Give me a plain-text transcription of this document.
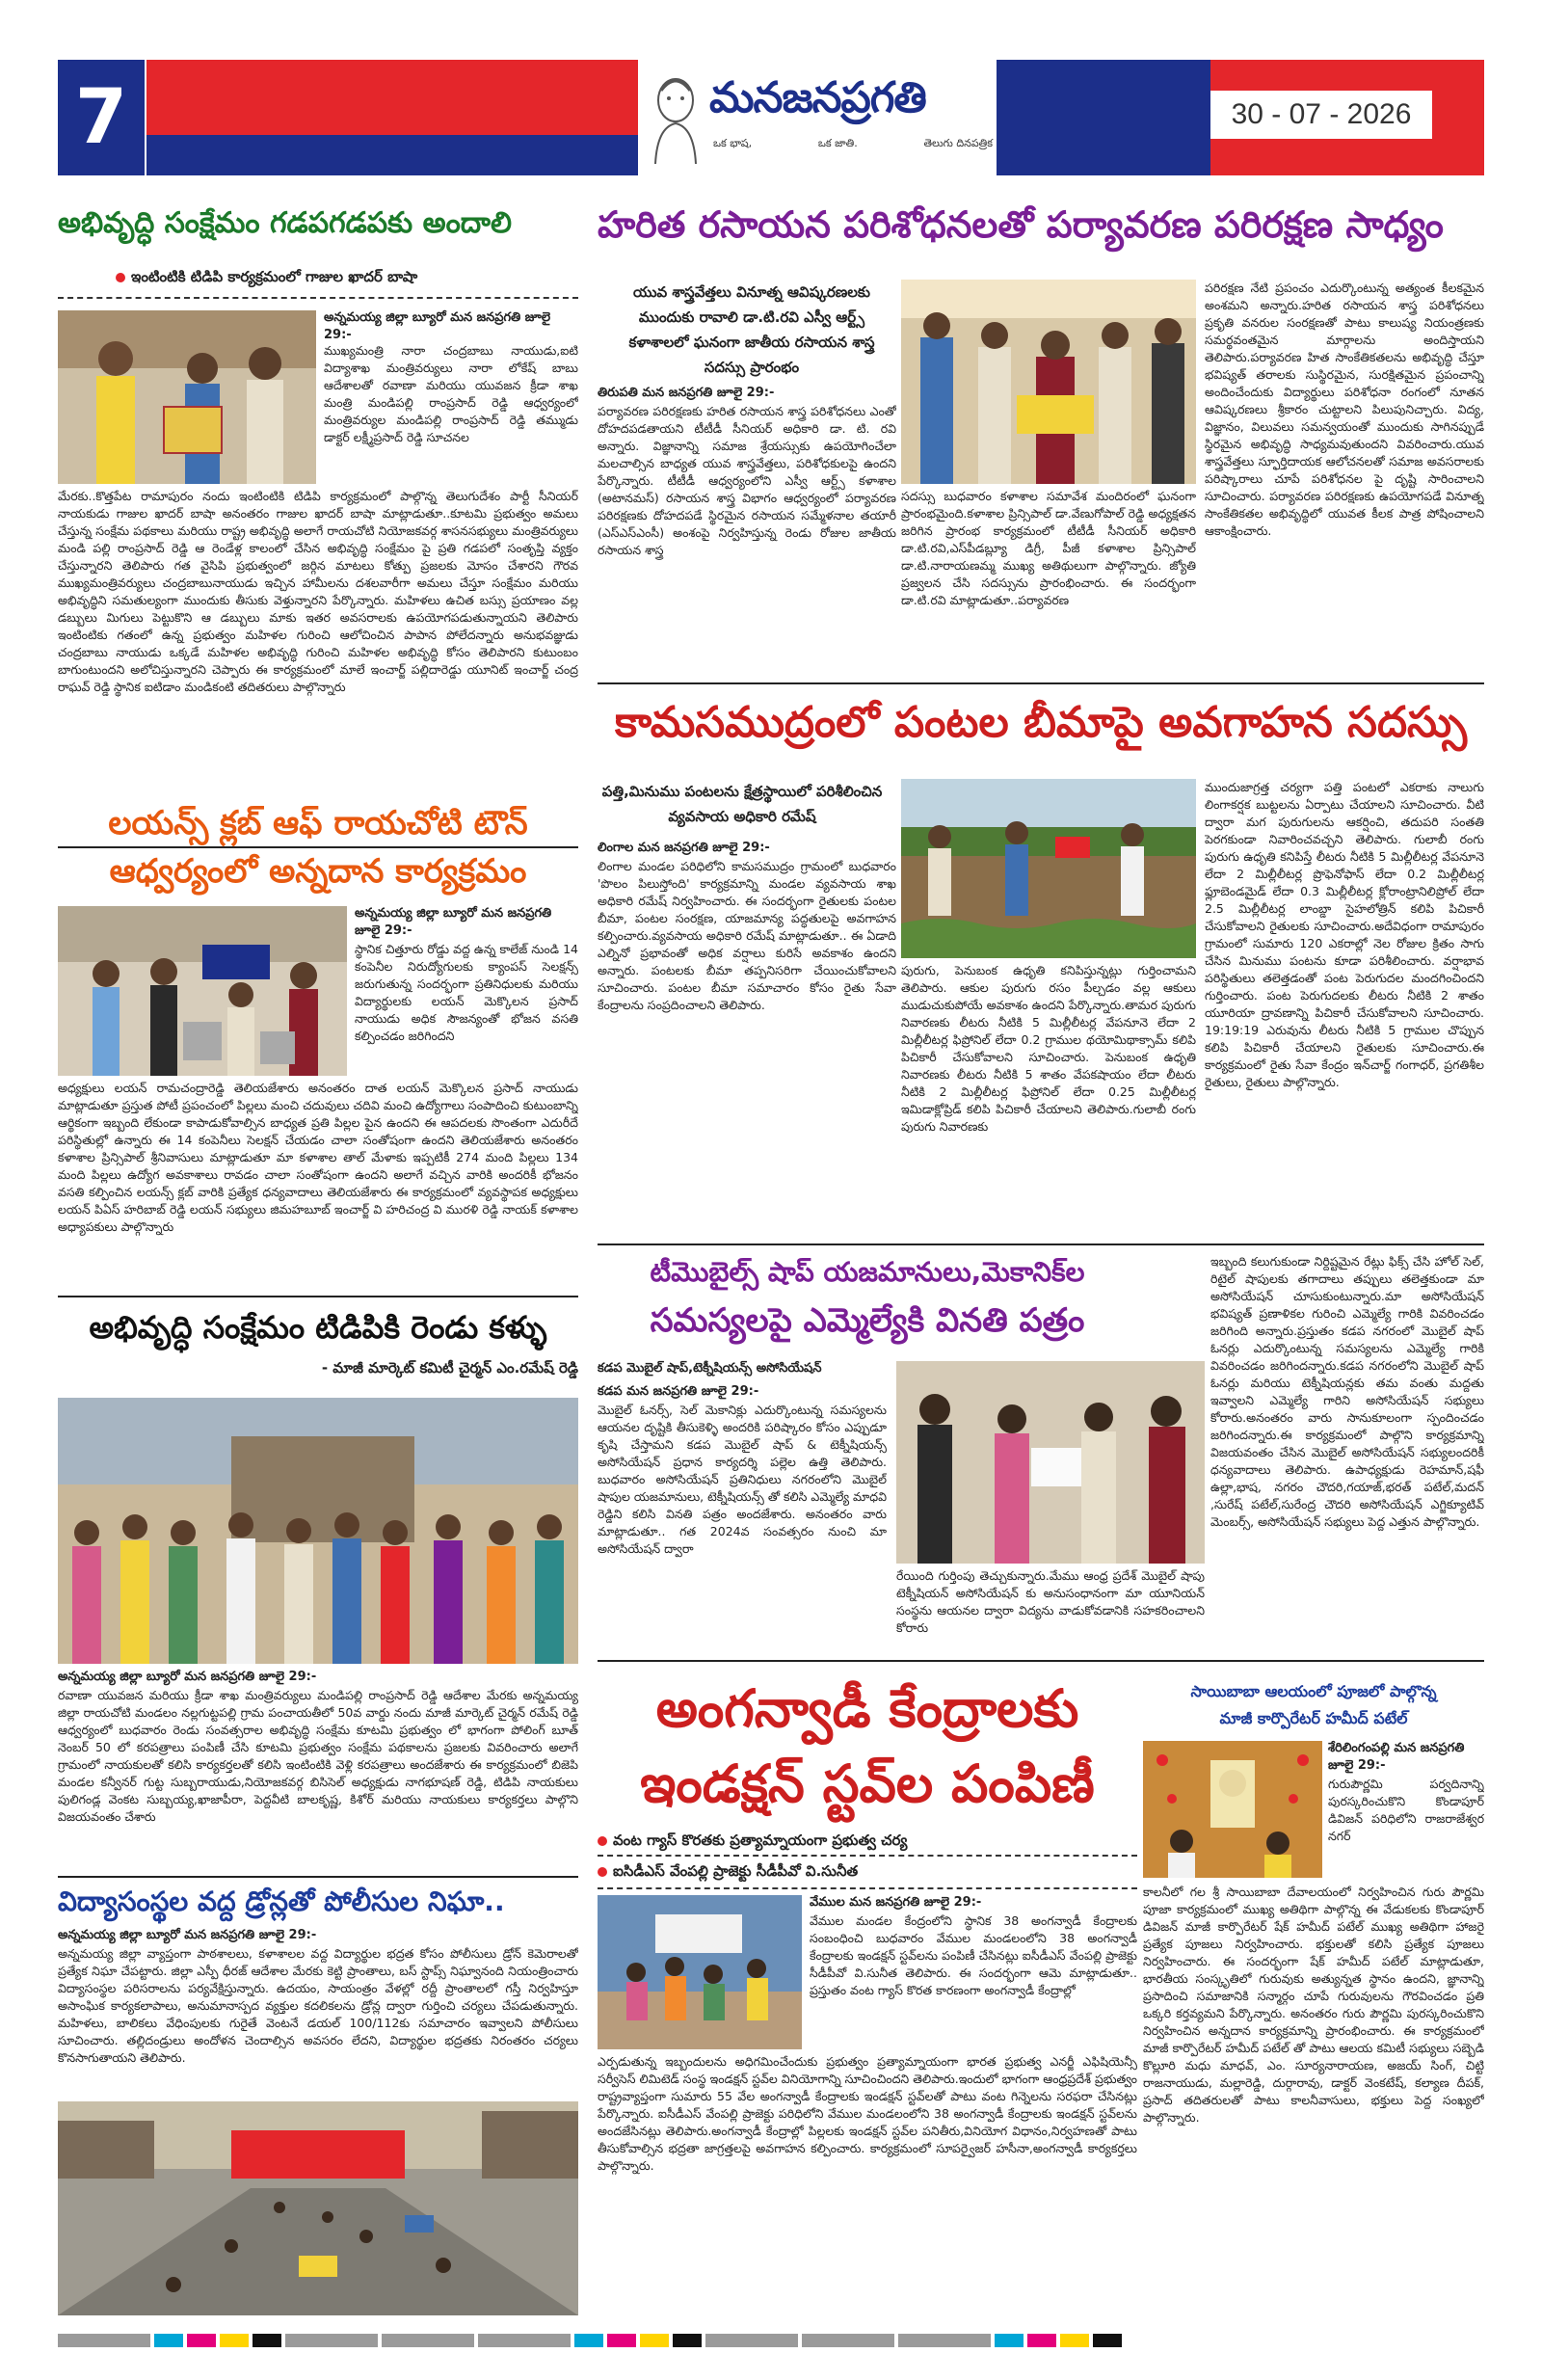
7	మనజనప్రగతి
ఒక భాష,	ఒక జాతి.	తెలుగు దినపత్రిక
30 - 07 - 2026
అభివృద్ధి సంక్షేమం గడపగడపకు అందాలి
ఇంటింటికి టిడిపి కార్యక్రమంలో గాజుల ఖాదర్ బాషా
అన్నమయ్య జిల్లా బ్యూరో మన జనప్రగతి జూలై 29:-
ముఖ్యమంత్రి నారా చంద్రబాబు నాయుడు,ఐటి విద్యాశాఖ మంత్రివర్యులు నారా లోకేష్ బాబు ఆదేశాలతో రవాణా మరియు యువజన క్రీడా శాఖ మంత్రి మండిపల్లి రాంప్రసాద్ రెడ్డి ఆధ్వర్యంలో మంత్రివర్యుల మండిపల్లి రాంప్రసాద్ రెడ్డి తమ్ముడు డాక్టర్ లక్ష్మీప్రసాద్ రెడ్డి సూచనల
మేరకు..కొత్తపేట రామాపురం నందు ఇంటింటికి టిడిపి కార్యక్రమంలో పాల్గొన్న తెలుగుదేశం పార్టీ సీనియర్ నాయకుడు గాజుల ఖాదర్ బాషా అనంతరం గాజుల ఖాదర్ బాషా మాట్లాడుతూ..కూటమి ప్రభుత్వం అమలు చేస్తున్న సంక్షేమ పథకాలు మరియు రాష్ట్ర అభివృద్ధి అలాగే రాయచోటి నియోజకవర్గ శాసనసభ్యులు మంత్రివర్యులు మండి పల్లి రాంప్రసాద్ రెడ్డి ఆ రెండేళ్ల కాలంలో చేసిన అభివృద్ధి సంక్షేమం పై ప్రతి గడపలో సంతృప్తి వ్యక్తం చేస్తున్నారని తెలిపారు గత వైసిపి ప్రభుత్వంలో జర్గిన మాటలు కోత్పు ప్రజలకు మోసం చేశారని గౌరవ ముఖ్యమంత్రివర్యులు చంద్రబాబునాయుడు ఇచ్చిన హామీలను దశలవారీగా అమలు చేస్తూ సంక్షేమం మరియు అభివృద్ధిని సమతుల్యంగా ముందుకు తీసుకు వెళ్తున్నారని పేర్కొన్నారు. మహిళలు ఉచిత బస్సు ప్రయాణం వల్ల డబ్బులు మిగులు పెట్టుకొని ఆ డబ్బులు మాకు ఇతర అవసరాలకు ఉపయోగపడుతున్నాయని తెలిపారు ఇంటింటికు గతంలో ఉన్న ప్రభుత్వం మహిళల గురించి ఆలోచించిన పాపాన పోలేదన్నారు అనుభవజ్ఞుడు చంద్రబాబు నాయుడు ఒక్కడే మహిళల అభివృద్ధి గురించి మహిళల అభివృద్ధి కోసం తెలిపారని కుటుంబం బాగుంటుందని అలోచిస్తున్నారని చెప్పారు ఈ కార్యక్రమంలో మాలే ఇంచార్జ్ పల్లిదారెడ్డు యూనిట్ ఇంచార్జ్ చంద్ర రాఘవ్ రెడ్డి స్థానిక ఐటిడాం మండికంటి తదితరులు పాల్గొన్నారు
హరిత రసాయన పరిశోధనలతో పర్యావరణ పరిరక్షణ సాధ్యం
యువ శాస్త్రవేత్తలు వినూత్న ఆవిష్కరణలకు ముందుకు రావాలి డా.టి.రవి ఎస్వీ ఆర్ట్స్ కళాశాలలో ఘనంగా జాతీయ రసాయన శాస్త్ర సదస్సు ప్రారంభం
తిరుపతి మన జనప్రగతి జూలై 29:-
పర్యావరణ పరిరక్షణకు హరిత రసాయన శాస్త్ర పరిశోధనలు ఎంతో దోహదపడతాయని టీటీడీ సీనియర్ అధికారి డా. టి. రవి అన్నారు. విజ్ఞానాన్ని సమాజ శ్రేయస్సుకు ఉపయోగించేలా మలచాల్సిన బాధ్యత యువ శాస్త్రవేత్తలు, పరిశోధకులపై ఉందని పేర్కొన్నారు. టీటీడీ ఆధ్వర్యంలోని ఎస్వీ ఆర్ట్స్ కళాశాల (అటానమస్) రసాయన శాస్త్ర విభాగం ఆధ్వర్యంలో పర్యావరణ పరిరక్షణకు దోహదపడే స్థిరమైన రసాయన సమ్మేళనాల తయారీ (ఎస్ఎస్ఎంసీ) అంశంపై నిర్వహిస్తున్న రెండు రోజుల జాతీయ రసాయన శాస్త్ర
సదస్సు బుధవారం కళాశాల సమావేశ మందిరంలో ఘనంగా ప్రారంభమైంది.కళాశాల ప్రిన్సిపాల్ డా.వేణుగోపాల్ రెడ్డి అధ్యక్షతన జరిగిన ప్రారంభ కార్యక్రమంలో టీటీడీ సీనియర్ అధికారి డా.టి.రవి,ఎస్‌పీడబ్ల్యూ డిగ్రీ, పీజీ కళాశాల ప్రిన్సిపాల్ డా.టి.నారాయణమ్మ ముఖ్య అతిథులుగా పాల్గొన్నారు. జ్యోతి ప్రజ్వలన చేసి సదస్సును ప్రారంభించారు. ఈ సందర్భంగా డా.టి.రవి మాట్లాడుతూ..పర్యావరణ
పరిరక్షణ నేటి ప్రపంచం ఎదుర్కొంటున్న అత్యంత కీలకమైన అంశమని అన్నారు.హరిత రసాయన శాస్త్ర పరిశోధనలు ప్రకృతి వనరుల సంరక్షణతో పాటు కాలుష్య నియంత్రణకు సమర్థవంతమైన మార్గాలను అందిస్తాయని తెలిపారు.పర్యావరణ హిత సాంకేతికతలను అభివృద్ధి చేస్తూ భవిష్యత్ తరాలకు సుస్థిరమైన, సురక్షితమైన ప్రపంచాన్ని అందించేందుకు విద్యార్థులు పరిశోధనా రంగంలో నూతన ఆవిష్కరణలు శ్రీకారం చుట్టాలని పిలుపునిచ్చారు. విద్య, విజ్ఞానం, విలువలు సమన్వయంతో ముందుకు సాగినప్పుడే స్థిరమైన అభివృద్ధి సాధ్యమవుతుందని వివరించారు.యువ శాస్త్రవేత్తలు స్ఫూర్తిదాయక ఆలోచనలతో సమాజ అవసరాలకు పరిష్కారాలు చూపే పరిశోధనల పై దృష్టి సారించాలని సూచించారు. పర్యావరణ పరిరక్షణకు ఉపయోగపడే వినూత్న సాంకేతికతల అభివృద్ధిలో యువత కీలక పాత్ర పోషించాలని ఆకాంక్షించారు.
కామసముద్రంలో పంటల బీమాపై అవగాహన సదస్సు
పత్తి,మినుము పంటలను క్షేత్రస్థాయిలో పరిశీలించిన వ్యవసాయ అధికారి రమేష్
లింగాల మన జనప్రగతి జూలై 29:-
లింగాల మండల పరిధిలోని కామసముద్రం గ్రామంలో బుధవారం 'పొలం పిలుస్తోంది' కార్యక్రమాన్ని మండల వ్యవసాయ శాఖ అధికారి రమేష్ నిర్వహించారు. ఈ సందర్భంగా రైతులకు పంటల బీమా, పంటల సంరక్షణ, యాజమాన్య పద్ధతులపై అవగాహన కల్పించారు.వ్యవసాయ అధికారి రమేష్ మాట్లాడుతూ.. ఈ ఏడాది ఎల్నినో ప్రభావంతో అధిక వర్షాలు కురిసే అవకాశం ఉందని అన్నారు. పంటలకు బీమా తప్పనిసరిగా చేయించుకోవాలని సూచించారు. పంటల బీమా సమాచారం కోసం రైతు సేవా కేంద్రాలను సంప్రదించాలని తెలిపారు.
పురుగు, పెనుబంక ఉధృతి కనిపిస్తున్నట్లు గుర్తించామని తెలిపారు. ఆకుల పురుగు రసం పీల్చడం వల్ల ఆకులు ముడుచుకుపోయే అవకాశం ఉందని పేర్కొన్నారు.తామర పురుగు నివారణకు లీటరు నీటికి 5 మిల్లీలీటర్ల వేపనూనె లేదా 2 మిల్లీలీటర్ల ఫిప్రోనిల్ లేదా 0.2 గ్రాముల థయోమిథాక్సామ్ కలిపి పిచికారీ చేసుకోవాలని సూచించారు. పెనుబంక ఉధృతి నివారణకు లీటరు నీటికి 5 శాతం వేపకషాయం లేదా లీటరు నీటికి 2 మిల్లీలీటర్ల ఫిప్రోనిల్ లేదా 0.25 మిల్లీలీటర్ల ఇమిడాక్లోప్రిడ్ కలిపి పిచికారీ చేయాలని తెలిపారు.గులాబీ రంగు పురుగు నివారణకు
ముందుజాగ్రత్త చర్యగా పత్తి పంటలో ఎకరాకు నాలుగు లింగాకర్షక బుట్టలను ఏర్పాటు చేయాలని సూచించారు. వీటి ద్వారా మగ పురుగులను ఆకర్షించి, తదుపరి సంతతి పెరగకుండా నివారించవచ్చని తెలిపారు. గులాబీ రంగు పురుగు ఉధృతి కనిపిస్తే లీటరు నీటికి 5 మిల్లీలీటర్ల వేపనూనె లేదా 2 మిల్లీలీటర్ల ప్రొఫెనోఫాస్ లేదా 0.2 మిల్లీలీటర్ల ఫ్లూబెండమైడ్ లేదా 0.3 మిల్లీలీటర్ల క్లోరాంట్రానిలిప్రోల్ లేదా 2.5 మిల్లీలీటర్ల లాంబ్డా సైహలోత్రిన్ కలిపి పిచికారీ చేసుకోవాలని రైతులకు సూచించారు.అదేవిధంగా రామాపురం గ్రామంలో సుమారు 120 ఎకరాల్లో నెల రోజుల క్రితం సాగు చేసిన మినుము పంటను కూడా పరిశీలించారు. వర్షాభావ పరిస్థితులు తలెత్తడంతో పంట పెరుగుదల మందగించిందని గుర్తించారు. పంట పెరుగుదలకు లీటరు నీటికి 2 శాతం యూరియా ద్రావణాన్ని పిచికారీ చేసుకోవాలని సూచించారు. 19:19:19 ఎరువును లీటరు నీటికి 5 గ్రాముల చొప్పున కలిపి పిచికారీ చేయాలని రైతులకు సూచించారు.ఈ కార్యక్రమంలో రైతు సేవా కేంద్రం ఇన్‌చార్జ్ గంగాధర్, ప్రగతిశీల రైతులు, రైతులు పాల్గొన్నారు.
లయన్స్ క్లబ్ ఆఫ్ రాయచోటి టౌన్
ఆధ్వర్యంలో అన్నదాన కార్యక్రమం
అన్నమయ్య జిల్లా బ్యూరో మన జనప్రగతి జూలై 29:-
స్థానిక చిత్తూరు రోడ్డు వద్ద ఉన్న కాలేజ్ నుండి 14 కంపెనీల నిరుద్యోగులకు క్యాంపస్ సెలక్షన్స్ జరుగుతున్న సందర్భంగా ప్రతినిధులకు మరియు విద్యార్థులకు లయన్ మెక్కొలన ప్రసాద్ నాయుడు అధిక సౌజన్యంతో భోజన వసతి కల్పించడం జరిగిందని
అధ్యక్షులు లయన్ రామచంద్రారెడ్డి తెలియజేశారు అనంతరం దాత లయన్ మెక్కొలన ప్రసాద్ నాయుడు మాట్లాడుతూ ప్రస్తుత పోటీ ప్రపంచంలో పిల్లలు మంచి చదువులు చదివి మంచి ఉద్యోగాలు సంపాదించి కుటుంబాన్ని ఆర్థికంగా ఇబ్బంది లేకుండా కాపాడుకోవాల్సిన బాధ్యత ప్రతి పిల్లల పైన ఉందని ఈ ఆపదలకు సొంతంగా ఎదురీదే పరిస్థితుల్లో ఉన్నారు ఈ 14 కంపెనీలు సెలక్షన్ చేయడం చాలా సంతోషంగా ఉందని తెలియజేశారు అనంతరం కళాశాల ప్రిన్సిపాల్ శ్రీనివాసులు మాట్లాడుతూ మా కళాశాల తాల్ మేళాకు ఇప్పటికీ 274 మంది పిల్లలు 134 మంది పిల్లలు ఉద్యోగ అవకాశాలు రావడం చాలా సంతోషంగా ఉందని అలాగే వచ్చిన వారికి అందరికీ భోజనం వసతి కల్పించిన లయన్స్ క్లబ్ వారికి ప్రత్యేక ధన్యవాదాలు తెలియజేశారు ఈ కార్యక్రమంలో వ్యవస్థాపక అధ్యక్షులు లయన్ పిఏస్ హరిబాబ్ రెడ్డి లయన్ సభ్యులు జిమహబూబ్ ఇంచార్జ్ వి హరిచంద్ర వి మురళి రెడ్డి నాయక్ కళాశాల అధ్యాపకులు పాల్గొన్నారు
అభివృద్ధి సంక్షేమం టిడిపికి రెండు కళ్ళు
- మాజీ మార్కెట్ కమిటీ చైర్మన్ ఎం.రమేష్ రెడ్డి
అన్నమయ్య జిల్లా బ్యూరో మన జనప్రగతి జూలై 29:-
రవాణా యువజన మరియు క్రీడా శాఖ మంత్రివర్యులు మండిపల్లి రాంప్రసాద్ రెడ్డి ఆదేశాల మేరకు అన్నమయ్య జిల్లా రాయచోటి మండలం నల్లగుట్టపల్లి గ్రామ పంచాయతీలో 50వ వార్డు నందు మాజీ మార్కెట్ చైర్మన్ రమేష్ రెడ్డి ఆధ్వర్యంలో బుధవారం రెండు సంవత్సరాల అభివృద్ధి సంక్షేమ కూటమి ప్రభుత్వం లో భాగంగా పోలింగ్ బూత్ నెంబర్ 50 లో కరపత్రాలు పంపిణీ చేసి కూటమి ప్రభుత్వం సంక్షేమ పథకాలను ప్రజలకు వివరించారు అలాగే గ్రామంలో నాయకులతో కలిసి కార్యకర్తలతో కలిసి ఇంటింటికి వెళ్లి కరపత్రాలు అందజేశారు ఈ కార్యక్రమంలో బిజెపి మండల కన్వీనర్ గుట్ట సుబ్బరాయుడు,నియోజకవర్గ బిసిసెల్ అధ్యక్షుడు నాగభూషణ్ రెడ్డి, టిడిపి నాయకులు పులిగండ్ల వెంకట సుబ్బయ్య,ఖాజాపీరా, పెద్దవీటి బాలకృష్ణ, కిశోర్ మరియు నాయకులు కార్యకర్తలు పాల్గొని విజయవంతం చేశారు
టీమొబైల్స్ షాప్ యజమానులు,మెకానిక్‌ల
సమస్యలపై ఎమ్మెల్యేకి వినతి పత్రం
కడప మొబైల్ షాప్,టెక్నీషియన్స్ అసోసియేషన్
కడప మన జనప్రగతి జూలై 29:-
మొబైల్ ఓనర్స్, సెల్ మెకానిక్లు ఎదుర్కొంటున్న సమస్యలను ఆయనల దృష్టికి తీసుకెళ్ళి అందరికి పరిష్కారం కోసం ఎప్పుడూ కృషి చేస్తామని కడప మొబైల్ షాప్ & టెక్నీషియన్స్ అసోసియేషన్ ప్రధాన కార్యదర్శి పల్లెల ఉత్తి తెలిపారు. బుధవారం అసోసియేషన్ ప్రతినిధులు నగరంలోని మొబైల్ షాపుల యజమానులు, టెక్నీషియన్స్ తో కలిసి ఎమ్మెల్యే మాధవి రెడ్డిని కలిసి వినతి పత్రం అందజేశారు. అనంతరం వారు మాట్లాడుతూ.. గత 2024వ సంవత్సరం నుంచి మా అసోసియేషన్ ద్వారా
రేయింది గుర్తింపు తెచ్చుకున్నారు.మేము ఆంధ్ర ప్రదేశ్ మొబైల్ షాపు టెక్నీషియన్ అసోసియేషన్ కు అనుసంధానంగా మా యూనియన్ సంస్థను ఆయనల ద్వారా విద్యను వాడుకోవడానికి సహకరించాలని కోరారు
ఇబ్బంది కలుగుకుండా నిర్దిష్టమైన రేట్లు ఫిక్స్ చేసి హోల్ సెల్, రిటైల్ షాపులకు తగాదాలు తప్పులు తలెత్తకుండా మా అసోసియేషన్ చూసుకుంటున్నారు.మా అసోసియేషన్ భవిష్యత్ ప్రణాళికల గురించి ఎమ్మెల్యే గారికి వివరించడం జరిగింది అన్నారు.ప్రస్తుతం కడప నగరంలో మొబైల్ షాప్ ఓనర్లు ఎదుర్కొంటున్న సమస్యలను ఎమ్మెల్యే గారికి వివరించడం జరిగిందన్నారు.కడప నగరంలోని మొబైల్ షాప్ ఓనర్లు మరియు టెక్నీషియన్లకు తమ వంతు మద్దతు ఇవ్వాలని ఎమ్మెల్యే గారిని అసోసియేషన్ సభ్యులు కోరారు.అనంతరం వారు సానుకూలంగా స్పందించడం జరిగిందన్నారు.ఈ కార్యక్రమంలో పాల్గొని కార్యక్రమాన్ని విజయవంతం చేసిన మొబైల్ అసోసియేషన్ సభ్యులందరికీ ధన్యవాదాలు తెలిపారు. ఉపాధ్యక్షుడు రెహమాన్,షఫీ ఉల్లా,భాష, నగరం చౌదరి,గయాజ్,భరత్ పటేల్,మదన్ ,సురేష్ పటేల్,సురేంద్ర చౌదరి అసోసియేషన్ ఎగ్జిక్యూటివ్ మెంబర్స్, అసోసియేషన్ సభ్యులు పెద్ద ఎత్తున పాల్గొన్నారు.
విద్యాసంస్థల వద్ద డ్రోన్లతో పోలీసుల నిఘా..
అన్నమయ్య జిల్లా బ్యూరో మన జనప్రగతి జూలై 29:-
అన్నమయ్య జిల్లా వ్యాప్తంగా పాఠశాలలు, కళాశాలల వద్ద విద్యార్థుల భద్రత కోసం పోలీసులు డ్రోన్ కెమెరాలతో ప్రత్యేక నిఘా చేపట్టారు. జిల్లా ఎస్పీ ధీరజ్ ఆదేశాల మేరకు కెట్టి ప్రాంతాలు, బస్ స్టాప్స్ నిఘ్వానంది నియంత్రించారు విద్యాసంస్థల పరిసరాలను పర్యవేక్షిస్తున్నారు. ఉదయం, సాయంత్రం వేళల్లో రద్దీ ప్రాంతాలలో గస్తీ నిర్వహిస్తూ అసాంఘిక కార్యకలాపాలు, అనుమానాస్పద వ్యక్తుల కదలికలను డ్రోన్ల ద్వారా గుర్తించి చర్యలు చేపడుతున్నారు. మహిళలు, బాలికలు వేధింపులకు గురైతే వెంటనే డయల్ 100/112కు సమాచారం ఇవ్వాలని పోలీసులు సూచించారు. తల్లిదండ్రులు అందోళన చెందాల్సిన అవసరం లేదని, విద్యార్థుల భద్రతకు నిరంతరం చర్యలు కొనసాగుతాయని తెలిపారు.
అంగన్వాడీ కేంద్రాలకు
ఇండక్షన్ స్టవ్‌ల పంపిణీ
వంట గ్యాస్ కొరతకు ప్రత్యామ్నాయంగా ప్రభుత్వ చర్య
ఐసిడీఎస్ వేంపల్లి ప్రాజెక్టు సీడీపీవో వి.సునీత
వేముల మన జనప్రగతి జూలై 29:-
వేముల మండల కేంద్రంలోని స్థానిక 38 అంగన్వాడీ కేంద్రాలకు సంబంధించి బుధవారం వేముల మండలంలోని 38 అంగన్వాడీ కేంద్రాలకు ఇండక్షన్ స్టవ్‌లను పంపిణీ చేసినట్లు ఐసీడీఎస్ వేంపల్లి ప్రాజెక్టు సీడీపీవో వి.సునీత తెలిపారు. ఈ సందర్భంగా ఆమె మాట్లాడుతూ.. ప్రస్తుతం వంట గ్యాస్ కొరత కారణంగా అంగన్వాడీ కేంద్రాల్లో
ఎర్పడుతున్న ఇబ్బందులను అధిగమించేందుకు ప్రభుత్వం ప్రత్యామ్నాయంగా భారత ప్రభుత్వ ఎనర్జీ ఎఫిషియెన్సీ సర్వీసెస్ లిమిటెడ్ సంస్థ ఇండక్షన్ స్టవ్‌ల వినియోగాన్ని సూచించిందని తెలిపారు.ఇందులో భాగంగా ఆంధ్రప్రదేశ్ ప్రభుత్వం రాష్ట్రవ్యాప్తంగా సుమారు 55 వేల అంగన్వాడీ కేంద్రాలకు ఇండక్షన్ స్టవ్‌లతో పాటు వంట గిన్నెలను సరఫరా చేసినట్లు పేర్కొన్నారు. ఐసీడీఎస్ వేంపల్లి ప్రాజెక్టు పరిధిలోని వేముల మండలంలోని 38 అంగన్వాడీ కేంద్రాలకు ఇండక్షన్ స్టవ్‌లను అందజేసినట్లు తెలిపారు.అంగన్వాడీ కేంద్రాల్లో పిల్లలకు ఇండక్షన్ స్టవ్‌ల పనితీరు,వినియోగ విధానం,నిర్వహణతో పాటు తీసుకోవాల్సిన భద్రతా జాగ్రత్తలపై అవగాహన కల్పించారు. కార్యక్రమంలో సూపర్వైజర్ హసీనా,అంగన్వాడీ కార్యకర్తలు పాల్గొన్నారు.
సాయిబాబా ఆలయంలో పూజలో పాల్గొన్న
మాజీ కార్పొరేటర్ హమీద్ పటేల్
శేరిలింగంపల్లి మన జనప్రగతి జూలై 29:-
గురుపౌర్ణమి పర్వదినాన్ని పురస్కరించుకొని కొండాపూర్ డివిజన్ పరిధిలోని రాజరాజేశ్వర నగర్
కాలనీలో గల శ్రీ సాయిబాబా దేవాలయంలో నిర్వహించిన గురు పౌర్ణమి పూజా కార్యక్రమంలో ముఖ్య అతిథిగా పాల్గొన్న ఈ వేడుకలకు కొండాపూర్ డివిజన్ మాజీ కార్పొరేటర్ షేక్ హమీద్ పటేల్ ముఖ్య అతిథిగా హాజరై ప్రత్యేక పూజలు నిర్వహించారు. భక్తులతో కలిసి ప్రత్యేక పూజలు నిర్వహించారు. ఈ సందర్భంగా షేక్ హమీద్ పటేల్ మాట్లాడుతూ, భారతీయ సంస్కృతిలో గురువుకు అత్యున్నత స్థానం ఉందని, జ్ఞానాన్ని ప్రసాదించి సమాజానికి సన్మార్గం చూపే గురువులను గౌరవించడం ప్రతి ఒక్కరి కర్తవ్యమని పేర్కొన్నారు. అనంతరం గురు పౌర్ణమి పురస్కరించుకొని నిర్వహించిన అన్నదాన కార్యక్రమాన్ని ప్రారంభించారు. ఈ కార్యక్రమంలో మాజీ కార్పొరేటర్ హమీద్ పటేల్ తో పాటు ఆలయ కమిటీ సభ్యులు సబ్బెడి కొల్లూరి మధు మాధవ్, ఎం. సూర్యనారాయణ, అజయ్ సింగ్, చిట్టి రాజనాయుడు, మల్లారెడ్డి, దుర్గారావు, డాక్టర్ వెంకటేష్, కల్యాణ దీపక్, ప్రసాద్ తదితరులతో పాటు కాలనీవాసులు, భక్తులు పెద్ద సంఖ్యలో పాల్గొన్నారు.
